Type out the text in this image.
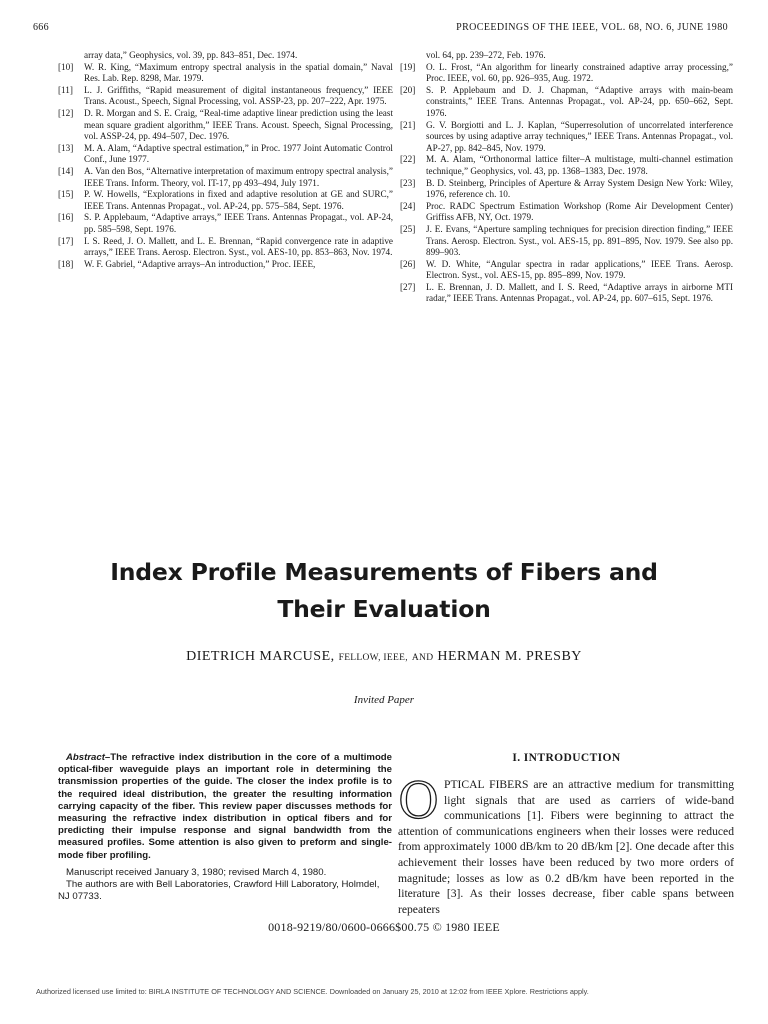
666	PROCEEDINGS OF THE IEEE, VOL. 68, NO. 6, JUNE 1980
array data,” Geophysics, vol. 39, pp. 843–851, Dec. 1974.
[10]	W. R. King, “Maximum entropy spectral analysis in the spatial domain,” Naval Res. Lab. Rep. 8298, Mar. 1979.
[11]	L. J. Griffiths, “Rapid measurement of digital instantaneous frequency,” IEEE Trans. Acoust., Speech, Signal Processing, vol. ASSP-23, pp. 207–222, Apr. 1975.
[12]	D. R. Morgan and S. E. Craig, “Real-time adaptive linear prediction using the least mean square gradient algorithm,” IEEE Trans. Acoust. Speech, Signal Processing, vol. ASSP-24, pp. 494–507, Dec. 1976.
[13]	M. A. Alam, “Adaptive spectral estimation,” in Proc. 1977 Joint Automatic Control Conf., June 1977.
[14]	A. Van den Bos, “Alternative interpretation of maximum entropy spectral analysis,” IEEE Trans. Inform. Theory, vol. IT-17, pp 493–494, July 1971.
[15]	P. W. Howells, “Explorations in fixed and adaptive resolution at GE and SURC,” IEEE Trans. Antennas Propagat., vol. AP-24, pp. 575–584, Sept. 1976.
[16]	S. P. Applebaum, “Adaptive arrays,” IEEE Trans. Antennas Propagat., vol. AP-24, pp. 585–598, Sept. 1976.
[17]	I. S. Reed, J. O. Mallett, and L. E. Brennan, “Rapid convergence rate in adaptive arrays,” IEEE Trans. Aerosp. Electron. Syst., vol. AES-10, pp. 853–863, Nov. 1974.
[18]	W. F. Gabriel, “Adaptive arrays–An introduction,” Proc. IEEE,
vol. 64, pp. 239–272, Feb. 1976.
[19]	O. L. Frost, “An algorithm for linearly constrained adaptive array processing,” Proc. IEEE, vol. 60, pp. 926–935, Aug. 1972.
[20]	S. P. Applebaum and D. J. Chapman, “Adaptive arrays with main-beam constraints,” IEEE Trans. Antennas Propagat., vol. AP-24, pp. 650–662, Sept. 1976.
[21]	G. V. Borgiotti and L. J. Kaplan, “Superresolution of uncorrelated interference sources by using adaptive array techniques,” IEEE Trans. Antennas Propagat., vol. AP-27, pp. 842–845, Nov. 1979.
[22]	M. A. Alam, “Orthonormal lattice filter–A multistage, multi-channel estimation technique,” Geophysics, vol. 43, pp. 1368–1383, Dec. 1978.
[23]	B. D. Steinberg, Principles of Aperture & Array System Design New York: Wiley, 1976, reference ch. 10.
[24]	Proc. RADC Spectrum Estimation Workshop (Rome Air Development Center) Griffiss AFB, NY, Oct. 1979.
[25]	J. E. Evans, “Aperture sampling techniques for precision direction finding,” IEEE Trans. Aerosp. Electron. Syst., vol. AES-15, pp. 891–895, Nov. 1979. See also pp. 899–903.
[26]	W. D. White, “Angular spectra in radar applications,” IEEE Trans. Aerosp. Electron. Syst., vol. AES-15, pp. 895–899, Nov. 1979.
[27]	L. E. Brennan, J. D. Mallett, and I. S. Reed, “Adaptive arrays in airborne MTI radar,” IEEE Trans. Antennas Propagat., vol. AP-24, pp. 607–615, Sept. 1976.
Index Profile Measurements of Fibers and
Their Evaluation
DIETRICH MARCUSE, FELLOW, IEEE, AND HERMAN M. PRESBY
Invited Paper

Abstract–The refractive index distribution in the core of a multimode optical-fiber waveguide plays an important role in determining the transmission properties of the guide. The closer the index profile is to the required ideal distribution, the greater the resulting information carrying capacity of the fiber. This review paper discusses methods for measuring the refractive index distribution in optical fibers and for predicting their impulse response and signal bandwidth from the measured profiles. Some attention is also given to preform and single-mode fiber profiling.

Manuscript received January 3, 1980; revised March 4, 1980.

The authors are with Bell Laboratories, Crawford Hill Laboratory, Holmdel, NJ 07733.

I. INTRODUCTION

OPTICAL FIBERS are an attractive medium for transmitting light signals that are used as carriers of wide-band communications [1]. Fibers were beginning to attract the attention of communications engineers when their losses were reduced from approximately 1000 dB/km to 20 dB/km [2]. One decade after this achievement their losses have been reduced by two more orders of magnitude; losses as low as 0.2 dB/km have been reported in the literature [3]. As their losses decrease, fiber cable spans between repeaters

0018-9219/80/0600-0666$00.75 © 1980 IEEE
Authorized licensed use limited to: BIRLA INSTITUTE OF TECHNOLOGY AND SCIENCE. Downloaded on January 25, 2010 at 12:02 from IEEE Xplore. Restrictions apply.
